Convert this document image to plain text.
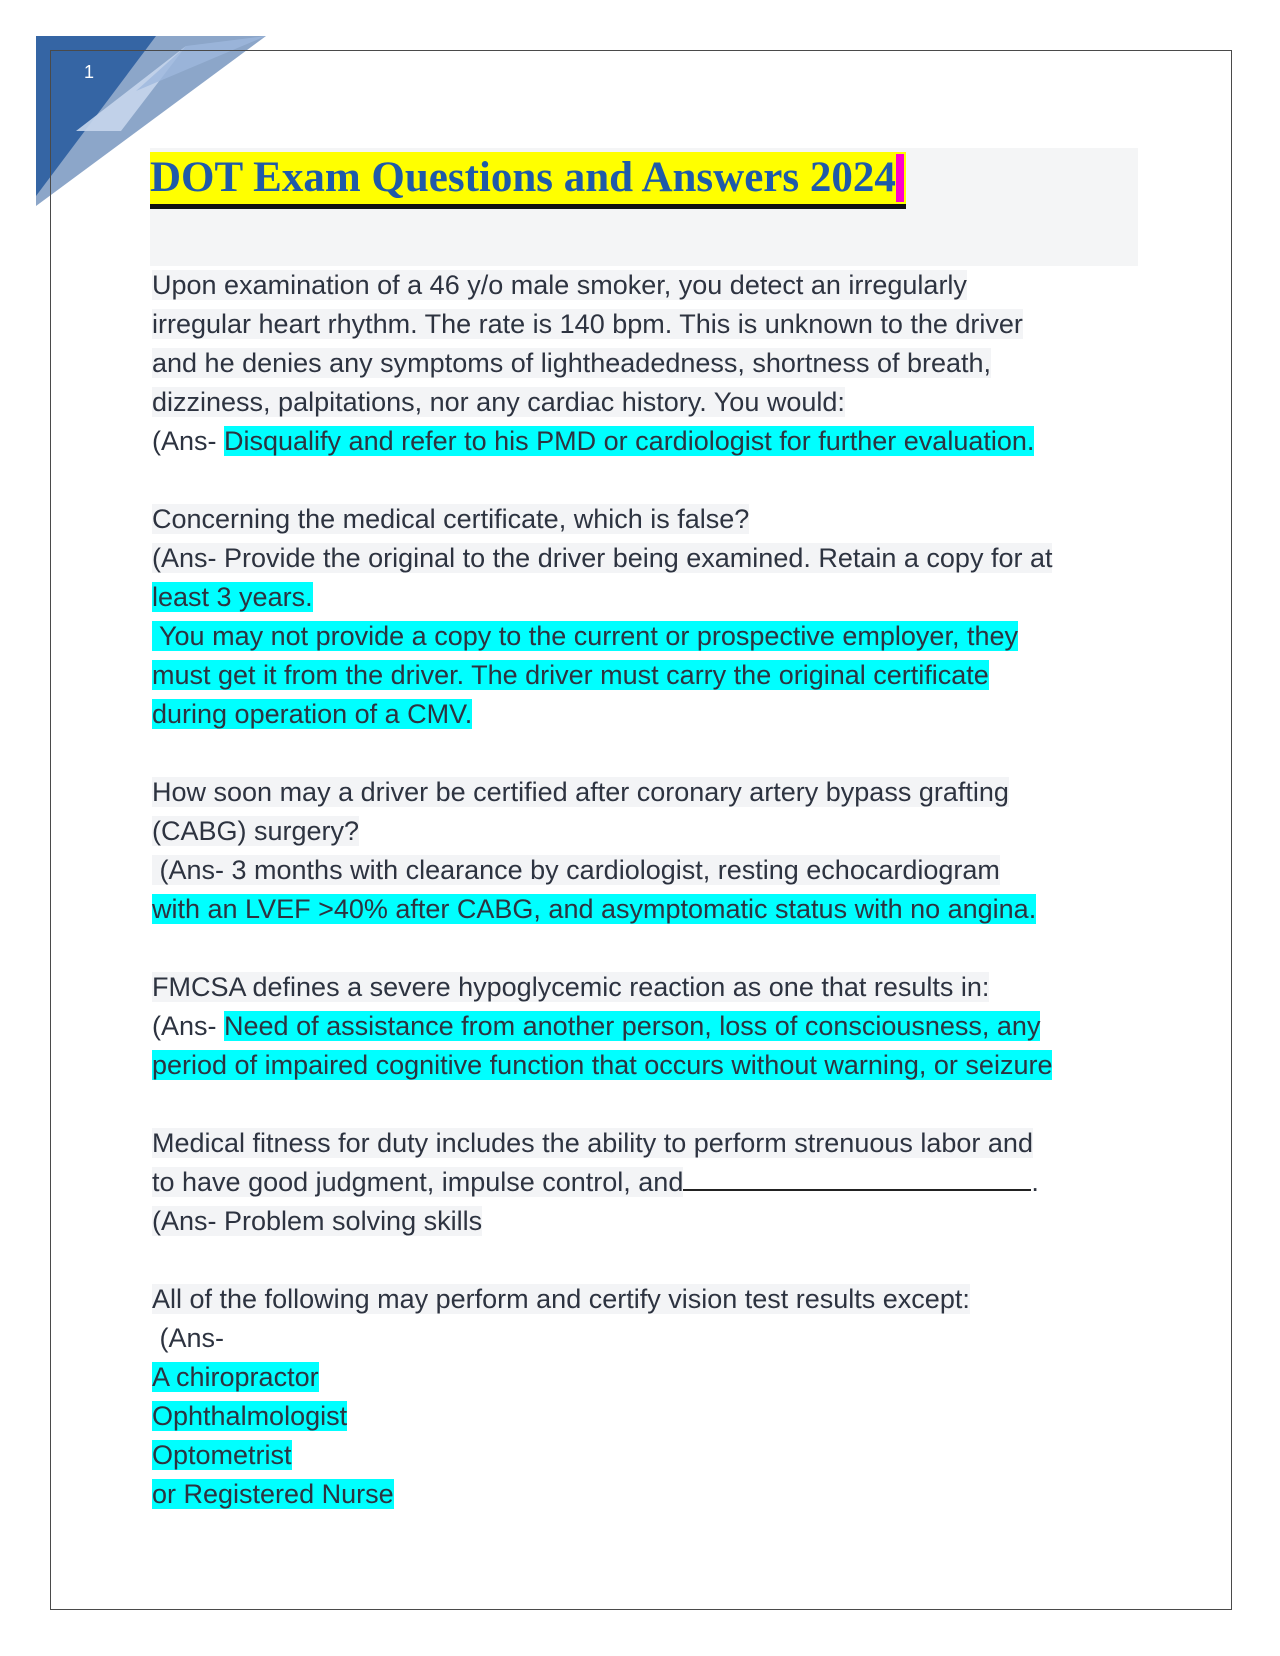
1
DOT Exam Questions and Answers 2024

Upon examination of a 46 y/o male smoker, you detect an irregularly

irregular heart rhythm. The rate is 140 bpm. This is unknown to the driver

and he denies any symptoms of lightheadedness, shortness of breath,

dizziness, palpitations, nor any cardiac history. You would:

(Ans- Disqualify and refer to his PMD or cardiologist for further evaluation.

Concerning the medical certificate, which is false?

(Ans- Provide the original to the driver being examined. Retain a copy for at

least 3 years.

You may not provide a copy to the current or prospective employer, they

must get it from the driver. The driver must carry the original certificate

during operation of a CMV.

How soon may a driver be certified after coronary artery bypass grafting

(CABG) surgery?

(Ans- 3 months with clearance by cardiologist, resting echocardiogram

with an LVEF >40% after CABG, and asymptomatic status with no angina.

FMCSA defines a severe hypoglycemic reaction as one that results in:

(Ans- Need of assistance from another person, loss of consciousness, any

period of impaired cognitive function that occurs without warning, or seizure

Medical fitness for duty includes the ability to perform strenuous labor and

to have good judgment, impulse control, and	.

(Ans- Problem solving skills

All of the following may perform and certify vision test results except:

(Ans-

A chiropractor

Ophthalmologist

Optometrist

or Registered Nurse
